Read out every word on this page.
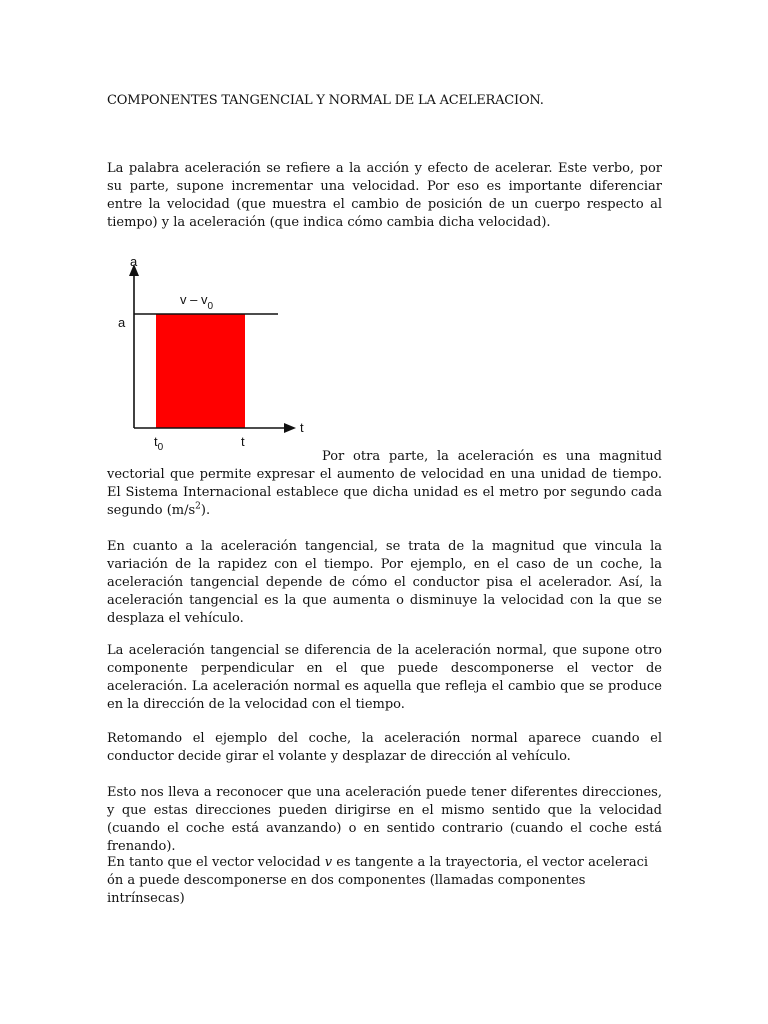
COMPONENTES TANGENCIAL Y NORMAL DE LA ACELERACION.

La palabra aceleración se refiere a la acción y efecto de acelerar. Este verbo, por su parte, supone incrementar una velocidad. Por eso es importante diferenciar entre la velocidad (que muestra el cambio de posición de un cuerpo respecto al tiempo) y la aceleración (que indica cómo cambia dicha velocidad).

a
t
a
v – $v_0$
$t_0$	t

Por otra parte, la aceleración es una magnitud vectorial que permite expresar el aumento de velocidad en una unidad de tiempo. El Sistema Internacional establece que dicha unidad es el metro por segundo cada segundo $(m/s^2)$.

En cuanto a la aceleración tangencial, se trata de la magnitud que vincula la variación de la rapidez con el tiempo. Por ejemplo, en el caso de un coche, la aceleración tangencial depende de cómo el conductor pisa el acelerador. Así, la aceleración tangencial es la que aumenta o disminuye la velocidad con la que se desplaza el vehículo.

La aceleración tangencial se diferencia de la aceleración normal, que supone otro componente perpendicular en el que puede descomponerse el vector de aceleración. La aceleración normal es aquella que refleja el cambio que se produce en la dirección de la velocidad con el tiempo.

Retomando el ejemplo del coche, la aceleración normal aparece cuando el conductor decide girar el volante y desplazar de dirección al vehículo.

Esto nos lleva a reconocer que una aceleración puede tener diferentes direcciones, y que estas direcciones pueden dirigirse en el mismo sentido que la velocidad (cuando el coche está avanzando) o en sentido contrario (cuando el coche está frenando).

En tanto que el vector velocidad v es tangente a la trayectoria, el vector aceleraci

ón a puede descomponerse en dos componentes (llamadas componentes intrínsecas)
